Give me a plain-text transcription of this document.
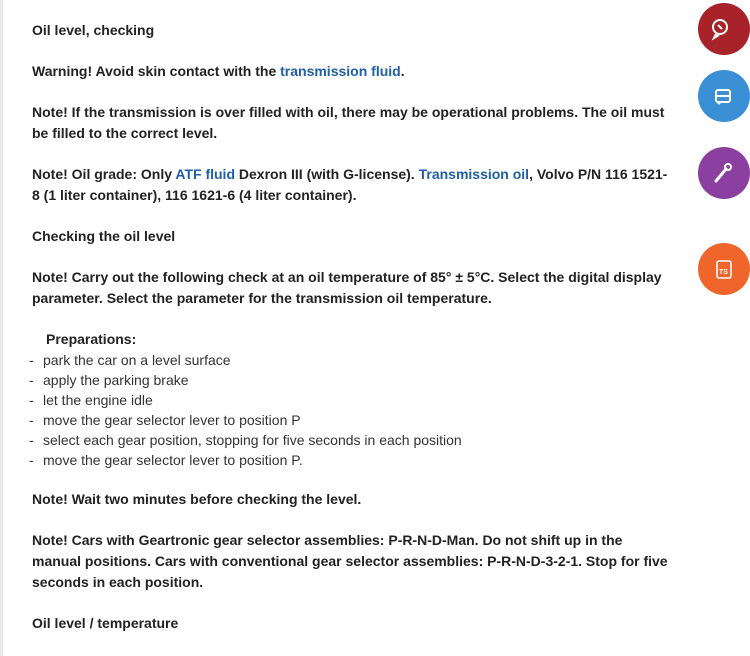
Oil level, checking

Warning! Avoid skin contact with the transmission fluid.

Note! If the transmission is over filled with oil, there may be operational problems. The oil must be filled to the correct level.

Note! Oil grade: Only ATF fluid Dexron III (with G-license). Transmission oil, Volvo P/N 116 1521-8 (1 liter container), 116 1621-6 (4 liter container).

Checking the oil level

Note! Carry out the following check at an oil temperature of 85° ± 5°C. Select the digital display parameter. Select the parameter for the transmission oil temperature.

Preparations:

- park the car on a level surface
- apply the parking brake
- let the engine idle
- move the gear selector lever to position P
- select each gear position, stopping for five seconds in each position
- move the gear selector lever to position P.

Note! Wait two minutes before checking the level.

Note! Cars with Geartronic gear selector assemblies: P-R-N-D-Man. Do not shift up in the manual positions. Cars with conventional gear selector assemblies: P-R-N-D-3-2-1. Stop for five seconds in each position.

Oil level / temperature

TS
